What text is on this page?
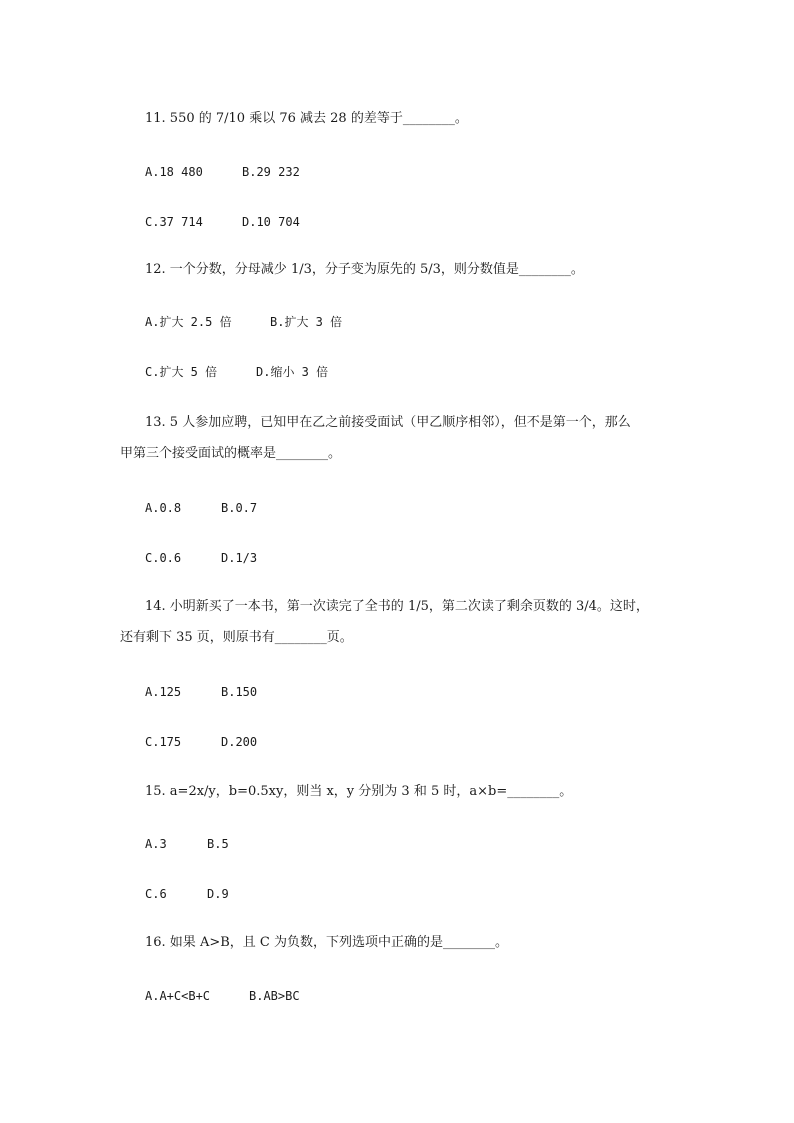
11. 550 的 7/10 乘以 76 减去 28 的差等于________。
A.18 480	B.29 232
C.37 714	D.10 704
12. 一个分数，分母减少 1/3，分子变为原先的 5/3，则分数值是________。
A.扩大 2.5 倍	B.扩大 3 倍
C.扩大 5 倍	D.缩小 3 倍
13. 5 人参加应聘，已知甲在乙之前接受面试（甲乙顺序相邻），但不是第一个，那么
甲第三个接受面试的概率是________。
A.0.8	B.0.7
C.0.6	D.1/3
14. 小明新买了一本书，第一次读完了全书的 1/5，第二次读了剩余页数的 3/4。这时，
还有剩下 35 页，则原书有________页。
A.125	B.150
C.175	D.200
15. a=2x/y，b=0.5xy，则当 x，y 分别为 3 和 5 时，a×b=________。
A.3	B.5
C.6	D.9
16. 如果 A>B，且 C 为负数，下列选项中正确的是________。
A.A+C<B+C	B.AB>BC
